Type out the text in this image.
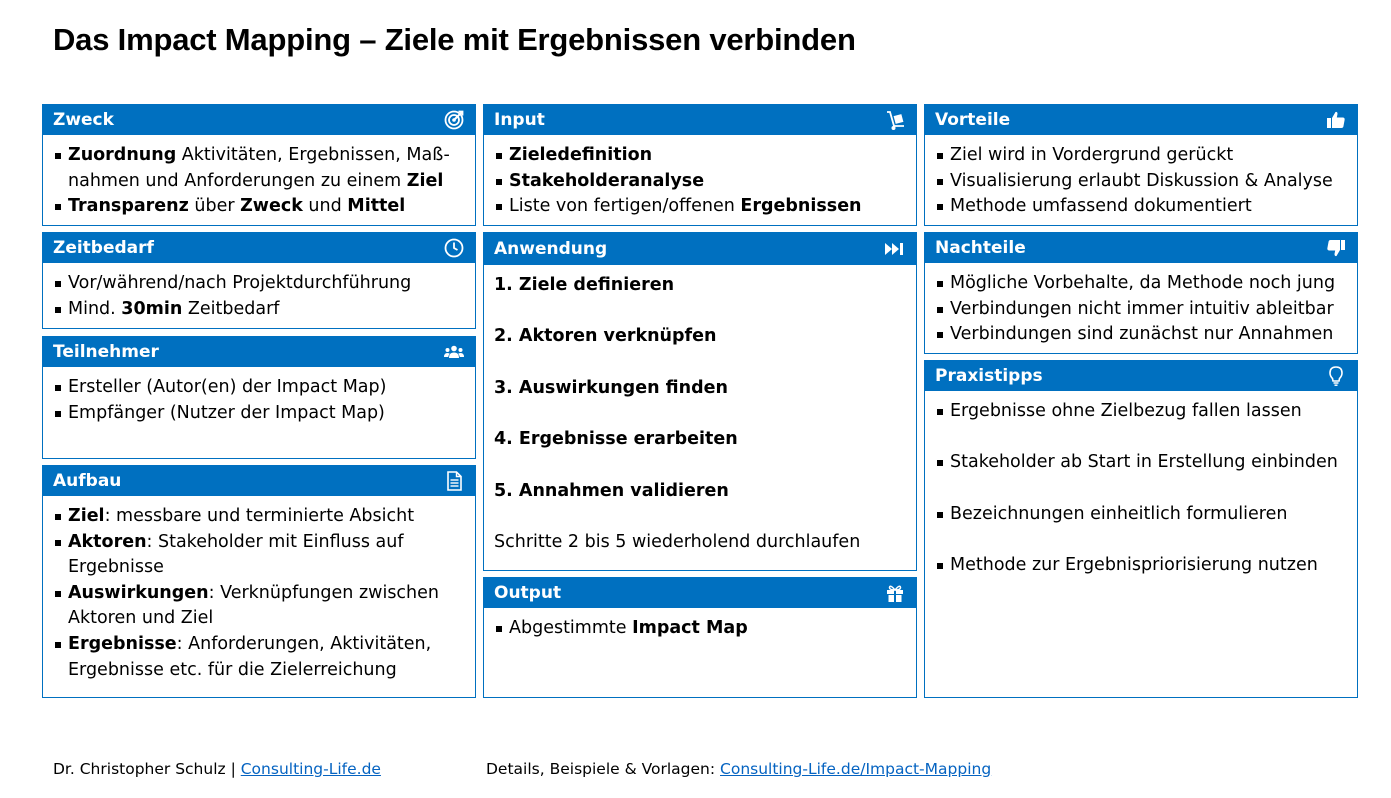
Das Impact Mapping – Ziele mit Ergebnissen verbinden
Zweck
Zuordnung Aktivitäten, Ergebnissen, Maß-
nahmen und Anforderungen zu einem Ziel
Transparenz über Zweck und Mittel
Zeitbedarf
Vor/während/nach Projektdurchführung
Mind. 30min Zeitbedarf
Teilnehmer
Ersteller (Autor(en) der Impact Map)
Empfänger (Nutzer der Impact Map)
Aufbau
Ziel: messbare und terminierte Absicht
Aktoren: Stakeholder mit Einfluss auf
Ergebnisse
Auswirkungen: Verknüpfungen zwischen
Aktoren und Ziel
Ergebnisse: Anforderungen, Aktivitäten,
Ergebnisse etc. für die Zielerreichung
Input
Zieledefinition
Stakeholderanalyse
Liste von fertigen/offenen Ergebnissen
Anwendung
1. Ziele definieren
2. Aktoren verknüpfen
3. Auswirkungen finden
4. Ergebnisse erarbeiten
5. Annahmen validieren
Schritte 2 bis 5 wiederholend durchlaufen
Output
Abgestimmte Impact Map
Vorteile
Ziel wird in Vordergrund gerückt
Visualisierung erlaubt Diskussion & Analyse
Methode umfassend dokumentiert
Nachteile
Mögliche Vorbehalte, da Methode noch jung
Verbindungen nicht immer intuitiv ableitbar
Verbindungen sind zunächst nur Annahmen
Praxistipps
Ergebnisse ohne Zielbezug fallen lassen
Stakeholder ab Start in Erstellung einbinden
Bezeichnungen einheitlich formulieren
Methode zur Ergebnispriorisierung nutzen
Dr. Christopher Schulz | Consulting-Life.de	Details, Beispiele & Vorlagen: Consulting-Life.de/Impact-Mapping
